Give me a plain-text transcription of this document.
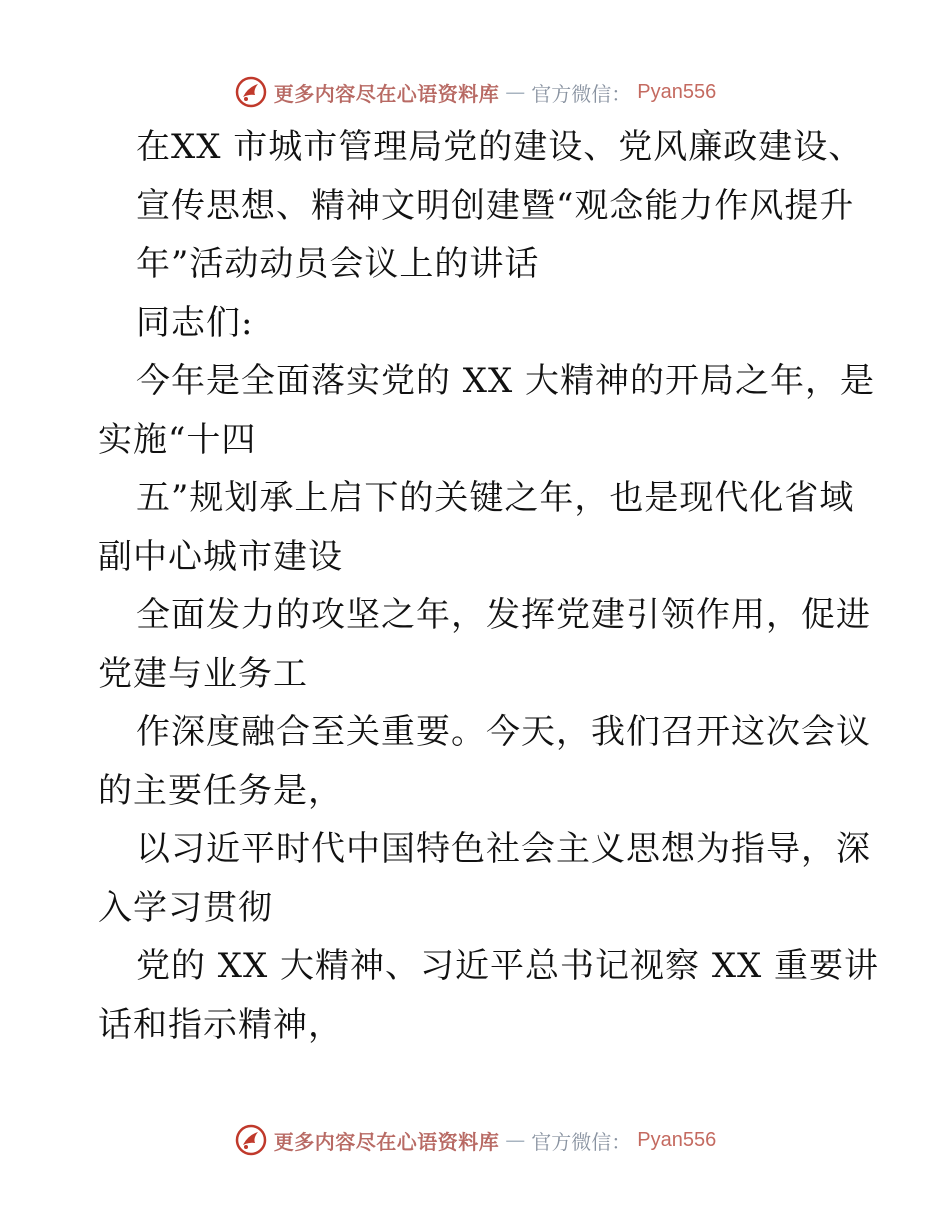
更多内容尽在心语资料库 — 官方微信： Pyan556
在XX 市城市管理局党的建设、党风廉政建设、
宣传思想、精神文明创建暨“观念能力作风提升
年”活动动员会议上的讲话
同志们:
今年是全面落实党的 XX 大精神的开局之年，是
实施“十四
五”规划承上启下的关键之年，也是现代化省域
副中心城市建设
全面发力的攻坚之年，发挥党建引领作用，促进
党建与业务工
作深度融合至关重要。今天，我们召开这次会议
的主要任务是，
以习近平时代中国特色社会主义思想为指导，深
入学习贯彻
党的 XX 大精神、习近平总书记视察 XX 重要讲
话和指示精神，
更多内容尽在心语资料库 — 官方微信： Pyan556
